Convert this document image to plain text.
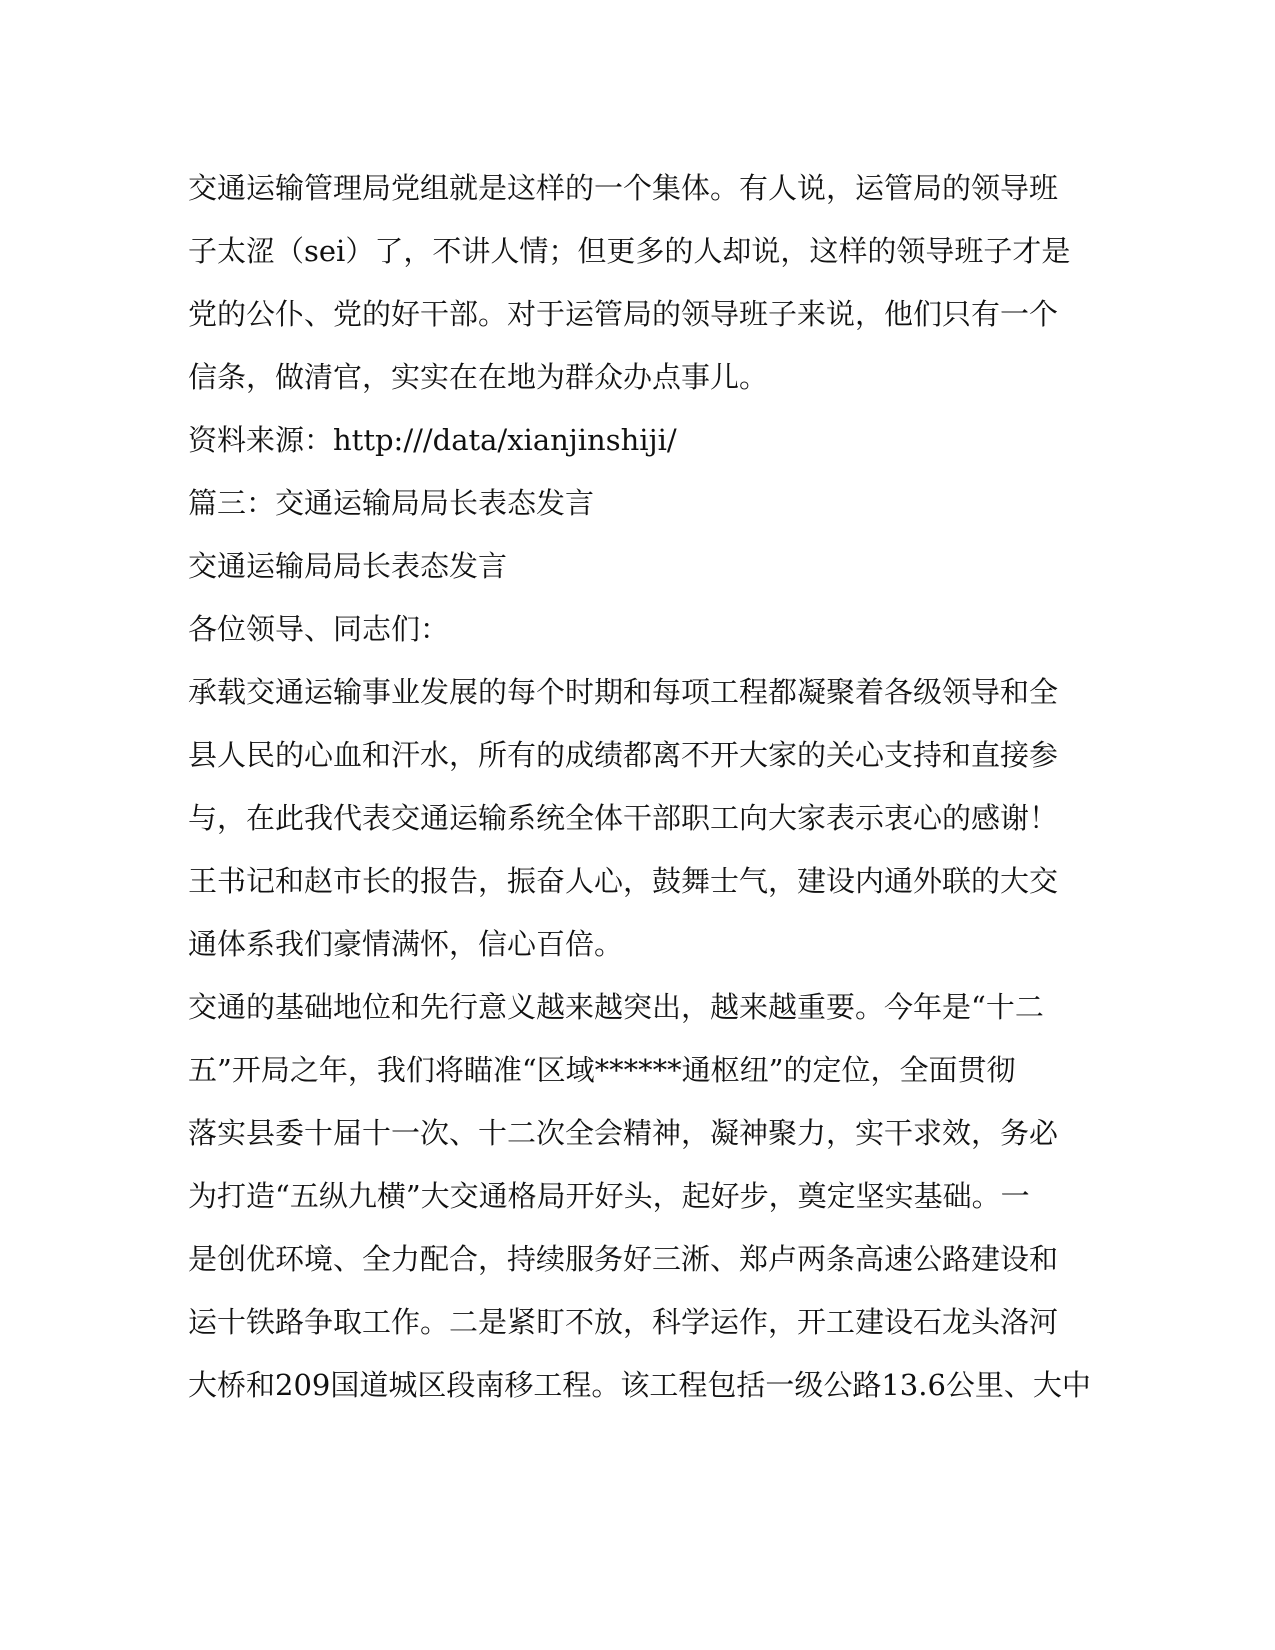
交通运输管理局党组就是这样的一个集体。有人说，运管局的领导班
子太涩（sei）了，不讲人情；但更多的人却说，这样的领导班子才是
党的公仆、党的好干部。对于运管局的领导班子来说，他们只有一个
信条，做清官，实实在在地为群众办点事儿。
资料来源：http:///data/xianjinshiji/
篇三：交通运输局局长表态发言
交通运输局局长表态发言
各位领导、同志们：
承载交通运输事业发展的每个时期和每项工程都凝聚着各级领导和全
县人民的心血和汗水，所有的成绩都离不开大家的关心支持和直接参
与，在此我代表交通运输系统全体干部职工向大家表示衷心的感谢！
王书记和赵市长的报告，振奋人心，鼓舞士气，建设内通外联的大交
通体系我们豪情满怀，信心百倍。
交通的基础地位和先行意义越来越突出，越来越重要。今年是“十二
五”开局之年，我们将瞄准“区域******通枢纽”的定位，全面贯彻
落实县委十届十一次、十二次全会精神，凝神聚力，实干求效，务必
为打造“五纵九横”大交通格局开好头，起好步，奠定坚实基础。一
是创优环境、全力配合，持续服务好三淅、郑卢两条高速公路建设和
运十铁路争取工作。二是紧盯不放，科学运作，开工建设石龙头洛河
大桥和209国道城区段南移工程。该工程包括一级公路13.6公里、大中
